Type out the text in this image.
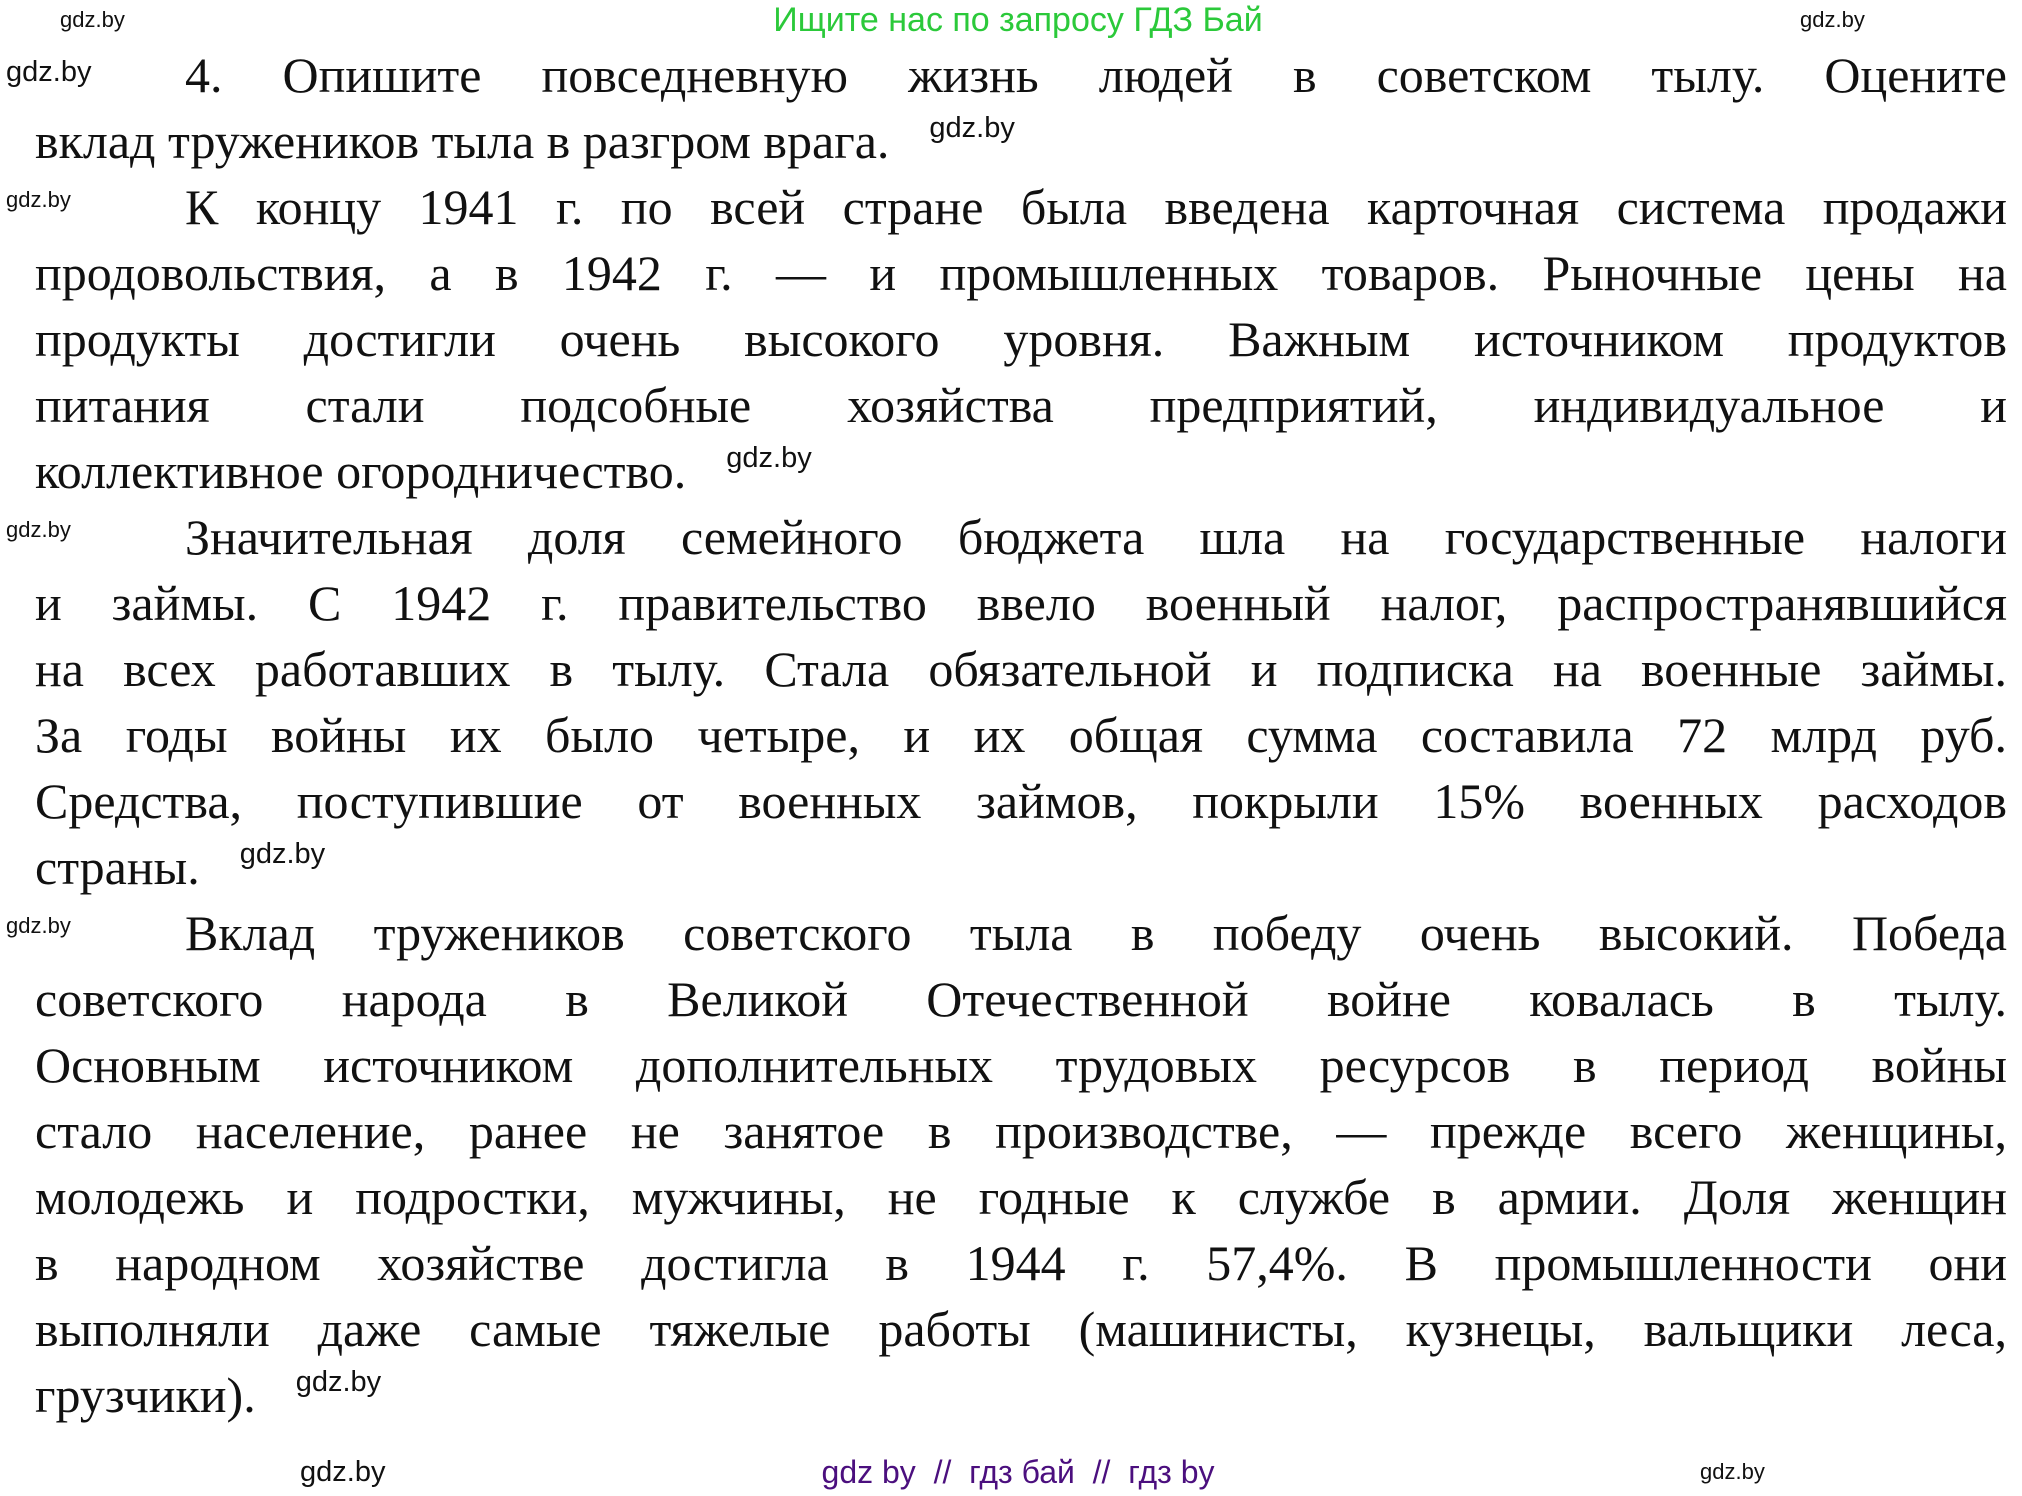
Ищите нас по запросу ГДЗ Бай
gdz.by	gdz.by
gdz.by 4. Опишите повседневную жизнь людей в советском тылу. Оцените
вклад тружеников тыла в разгром врага. gdz.by
gdz.by К концу 1941 г. по всей стране была введена карточная система продажи
продовольствия, а в 1942 г. — и промышленных товаров. Рыночные цены на
продукты достигли очень высокого уровня. Важным источником продуктов
питания стали подсобные хозяйства предприятий, индивидуальное и
коллективное огородничество. gdz.by
gdz.by Значительная доля семейного бюджета шла на государственные налоги
и займы. С 1942 г. правительство ввело военный налог, распространявшийся
на всех работавших в тылу. Стала обязательной и подписка на военные займы.
За годы войны их было четыре, и их общая сумма составила 72 млрд руб.
Средства, поступившие от военных займов, покрыли 15% военных расходов
страны. gdz.by
gdz.by Вклад тружеников советского тыла в победу очень высокий. Победа
советского народа в Великой Отечественной войне ковалась в тылу.
Основным источником дополнительных трудовых ресурсов в период войны
стало население, ранее не занятое в производстве, — прежде всего женщины,
молодежь и подростки, мужчины, не годные к службе в армии. Доля женщин
в народном хозяйстве достигла в 1944 г. 57,4%. В промышленности они
выполняли даже самые тяжелые работы (машинисты, кузнецы, вальщики леса,
грузчики). gdz.by
gdz.by	gdz by  //  гдз бай  //  гдз by	gdz.by
